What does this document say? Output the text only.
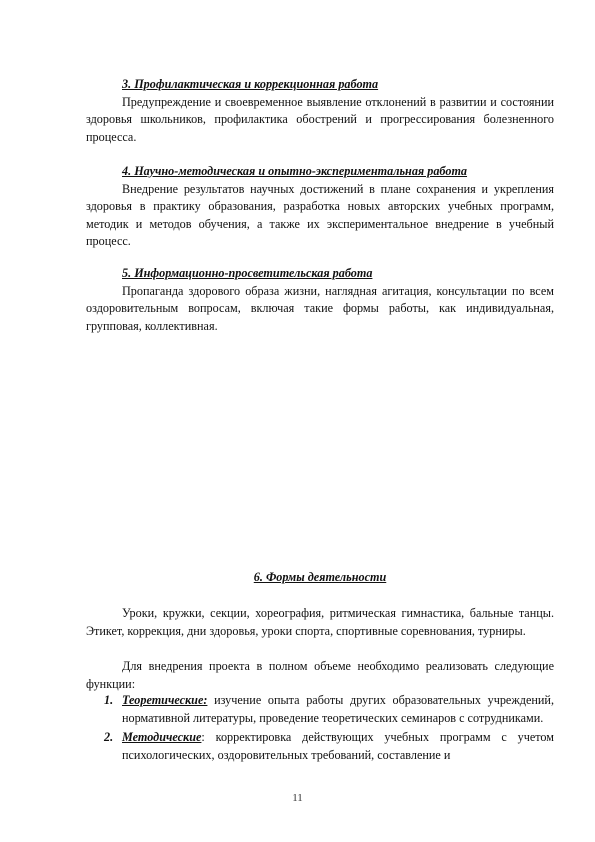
3. Профилактическая и коррекционная работа

Предупреждение и своевременное выявление отклонений в развитии и состоянии здоровья школьников, профилактика обострений и прогрессирования болезненного процесса.

4. Научно-методическая и опытно-экспериментальная работа

Внедрение результатов научных достижений в плане сохранения и укрепления здоровья в практику образования, разработка новых авторских учебных программ, методик и методов обучения, а также их экспериментальное внедрение в учебный процесс.

5. Информационно-просветительская работа

Пропаганда здорового образа жизни, наглядная агитация, консультации по всем оздоровительным вопросам, включая такие формы работы, как индивидуальная, групповая, коллективная.

6. Формы деятельности

Уроки, кружки, секции, хореография, ритмическая гимнастика, бальные танцы. Этикет, коррекция, дни здоровья, уроки спорта, спортивные соревнования, турниры.

Для внедрения проекта в полном объеме необходимо реализовать следующие функции:

1. Теоретические: изучение опыта работы других образовательных учреждений, нормативной литературы, проведение теоретических семинаров с сотрудниками.
2. Методические: корректировка действующих учебных программ с учетом психологических, оздоровительных требований, составление и
11
